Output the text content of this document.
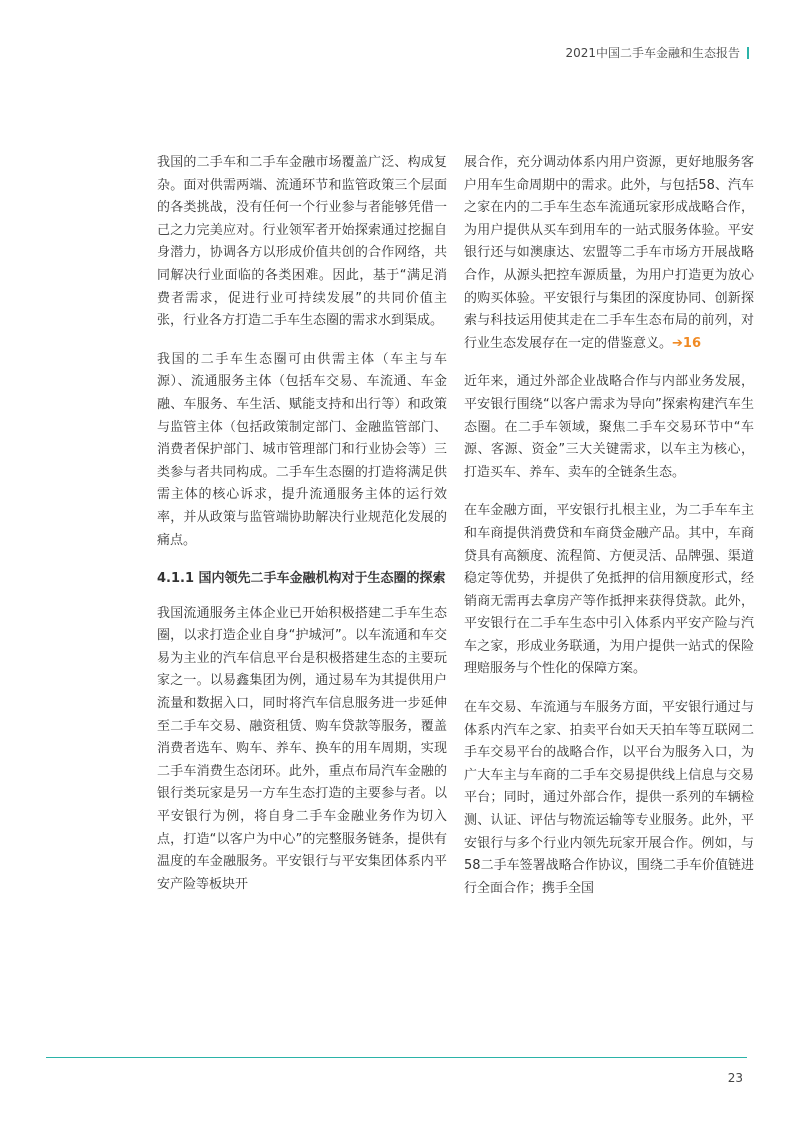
2021中国二手车金融和生态报告

我国的二手车和二手车金融市场覆盖广泛、构成复杂。面对供需两端、流通环节和监管政策三个层面的各类挑战，没有任何一个行业参与者能够凭借一己之力完美应对。行业领军者开始探索通过挖掘自身潜力，协调各方以形成价值共创的合作网络，共同解决行业面临的各类困难。因此，基于“满足消费者需求，促进行业可持续发展”的共同价值主张，行业各方打造二手车生态圈的需求水到渠成。

我国的二手车生态圈可由供需主体（车主与车源）、流通服务主体（包括车交易、车流通、车金融、车服务、车生活、赋能支持和出行等）和政策与监管主体（包括政策制定部门、金融监管部门、消费者保护部门、城市管理部门和行业协会等）三类参与者共同构成。二手车生态圈的打造将满足供需主体的核心诉求，提升流通服务主体的运行效率，并从政策与监管端协助解决行业规范化发展的痛点。

4.1.1 国内领先二手车金融机构对于生态圈的探索

我国流通服务主体企业已开始积极搭建二手车生态圈，以求打造企业自身“护城河”。以车流通和车交易为主业的汽车信息平台是积极搭建生态的主要玩家之一。以易鑫集团为例，通过易车为其提供用户流量和数据入口，同时将汽车信息服务进一步延伸至二手车交易、融资租赁、购车贷款等服务，覆盖消费者选车、购车、养车、换车的用车周期，实现二手车消费生态闭环。此外，重点布局汽车金融的银行类玩家是另一方车生态打造的主要参与者。以平安银行为例，将自身二手车金融业务作为切入点，打造“以客户为中心”的完整服务链条，提供有温度的车金融服务。平安银行与平安集团体系内平安产险等板块开

展合作，充分调动体系内用户资源，更好地服务客户用车生命周期中的需求。此外，与包括58、汽车之家在内的二手车生态车流通玩家形成战略合作，为用户提供从买车到用车的一站式服务体验。平安银行还与如澳康达、宏盟等二手车市场方开展战略合作，从源头把控车源质量，为用户打造更为放心的购买体验。平安银行与集团的深度协同、创新探索与科技运用使其走在二手车生态布局的前列，对行业生态发展存在一定的借鉴意义。➔16

近年来，通过外部企业战略合作与内部业务发展，平安银行围绕“以客户需求为导向”探索构建汽车生态圈。在二手车领域，聚焦二手车交易环节中“车源、客源、资金”三大关键需求，以车主为核心，打造买车、养车、卖车的全链条生态。

在车金融方面，平安银行扎根主业，为二手车车主和车商提供消费贷和车商贷金融产品。其中，车商贷具有高额度、流程简、方便灵活、品牌强、渠道稳定等优势，并提供了免抵押的信用额度形式，经销商无需再去拿房产等作抵押来获得贷款。此外，平安银行在二手车生态中引入体系内平安产险与汽车之家，形成业务联通，为用户提供一站式的保险理赔服务与个性化的保障方案。

在车交易、车流通与车服务方面，平安银行通过与体系内汽车之家、拍卖平台如天天拍车等互联网二手车交易平台的战略合作，以平台为服务入口，为广大车主与车商的二手车交易提供线上信息与交易平台；同时，通过外部合作，提供一系列的车辆检测、认证、评估与物流运输等专业服务。此外，平安银行与多个行业内领先玩家开展合作。例如，与58二手车签署战略合作协议，围绕二手车价值链进行全面合作；携手全国

23
